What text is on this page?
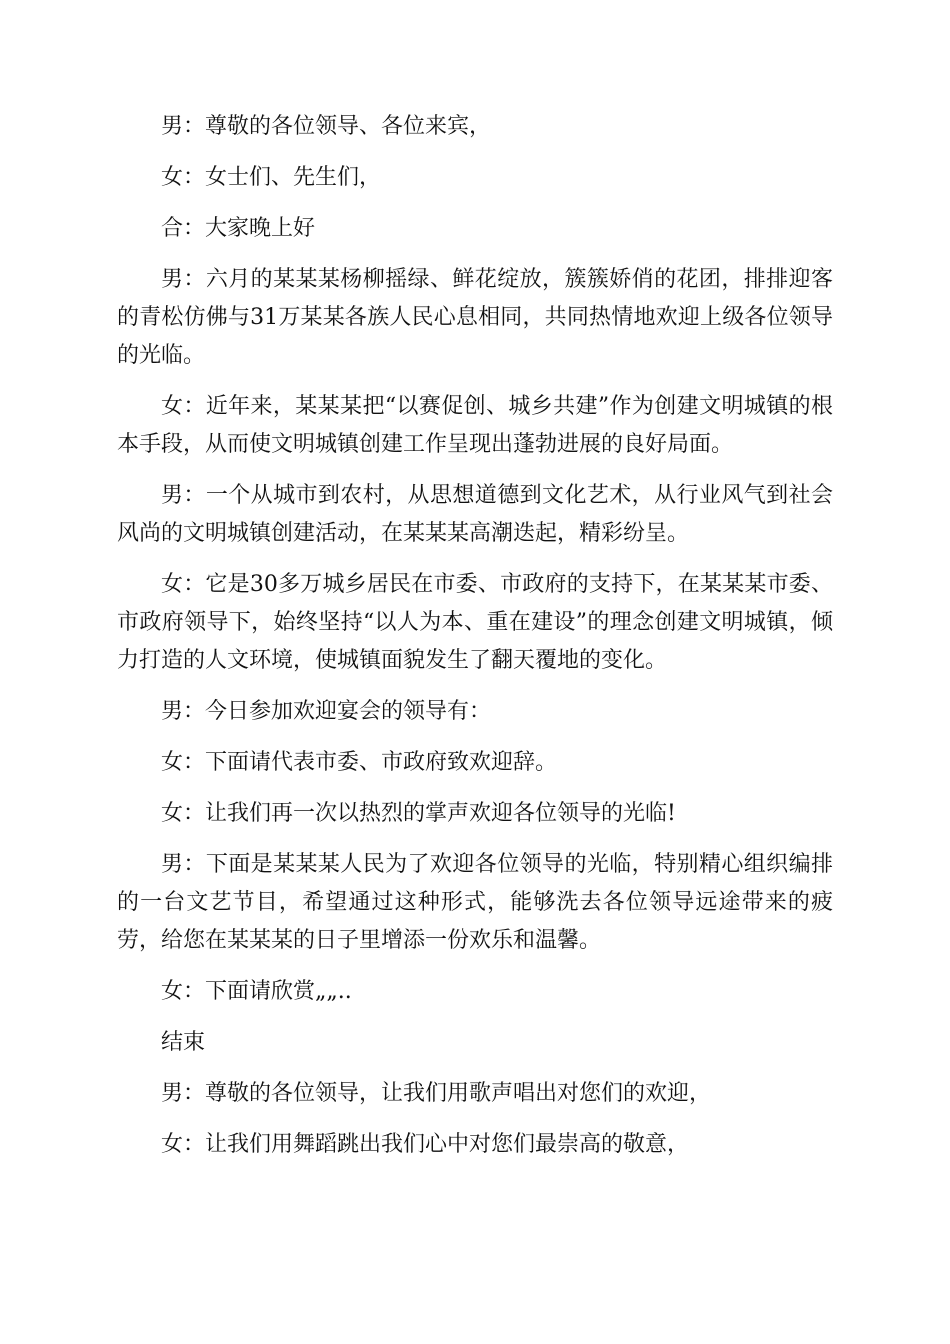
男：尊敬的各位领导、各位来宾，

女：女士们、先生们，

合：大家晚上好

男：六月的某某某杨柳摇绿、鲜花绽放，簇簇娇俏的花团，排排迎客的青松仿佛与31万某某各族人民心息相同，共同热情地欢迎上级各位领导的光临。

女：近年来，某某某把“以赛促创、城乡共建”作为创建文明城镇的根本手段，从而使文明城镇创建工作呈现出蓬勃进展的良好局面。

男：一个从城市到农村，从思想道德到文化艺术，从行业风气到社会风尚的文明城镇创建活动，在某某某高潮迭起，精彩纷呈。

女：它是30多万城乡居民在市委、市政府的支持下，在某某某市委、市政府领导下，始终坚持“以人为本、重在建设”的理念创建文明城镇，倾力打造的人文环境，使城镇面貌发生了翻天覆地的变化。

男：今日参加欢迎宴会的领导有：

女：下面请代表市委、市政府致欢迎辞。

女：让我们再一次以热烈的掌声欢迎各位领导的光临!

男：下面是某某某人民为了欢迎各位领导的光临，特别精心组织编排的一台文艺节目，希望通过这种形式，能够洗去各位领导远途带来的疲劳，给您在某某某的日子里增添一份欢乐和温馨。

女：下面请欣赏„„..

结束

男：尊敬的各位领导，让我们用歌声唱出对您们的欢迎，

女：让我们用舞蹈跳出我们心中对您们最崇高的敬意，
